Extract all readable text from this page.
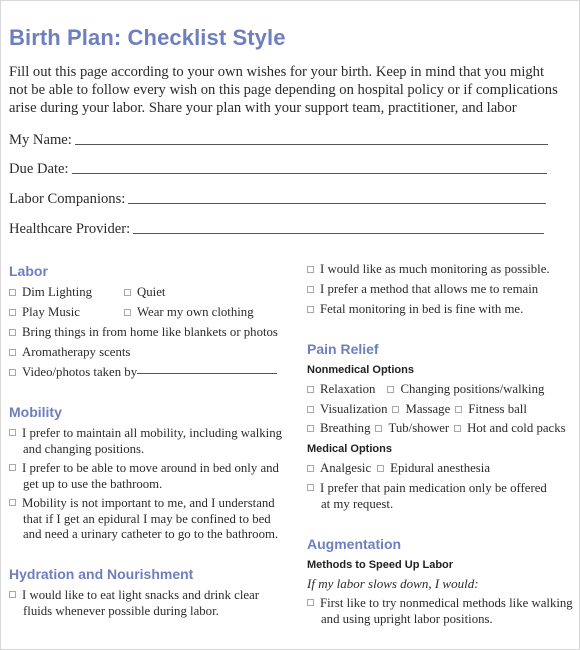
Birth Plan: Checklist Style
Fill out this page according to your own wishes for your birth. Keep in mind that you might
not be able to follow every wish on this page depending on hospital policy or if complications
arise during your labor. Share your plan with your support team, practitioner, and labor
My Name:
Due Date:
Labor Companions:
Healthcare Provider:
Labor
Dim Lighting	Quiet
Play Music	Wear my own clothing
Bring things in from home like blankets or photos
Aromatherapy scents
Video/photos taken by
Mobility
I prefer to maintain all mobility, including walking
and changing positions.
I prefer to be able to move around in bed only and
get up to use the bathroom.
Mobility is not important to me, and I understand
that if I get an epidural I may be confined to bed
and need a urinary catheter to go to the bathroom.
Hydration and Nourishment
I would like to eat light snacks and drink clear
fluids whenever possible during labor.
I would like as much monitoring as possible.
I prefer a method that allows me to remain
Fetal monitoring in bed is fine with me.
Pain Relief
Nonmedical Options
Relaxation Changing positions/walking
Visualization Massage Fitness ball
Breathing Tub/shower Hot and cold packs
Medical Options
Analgesic Epidural anesthesia
I prefer that pain medication only be offered
at my request.
Augmentation
Methods to Speed Up Labor
If my labor slows down, I would:
First like to try nonmedical methods like walking
and using upright labor positions.
